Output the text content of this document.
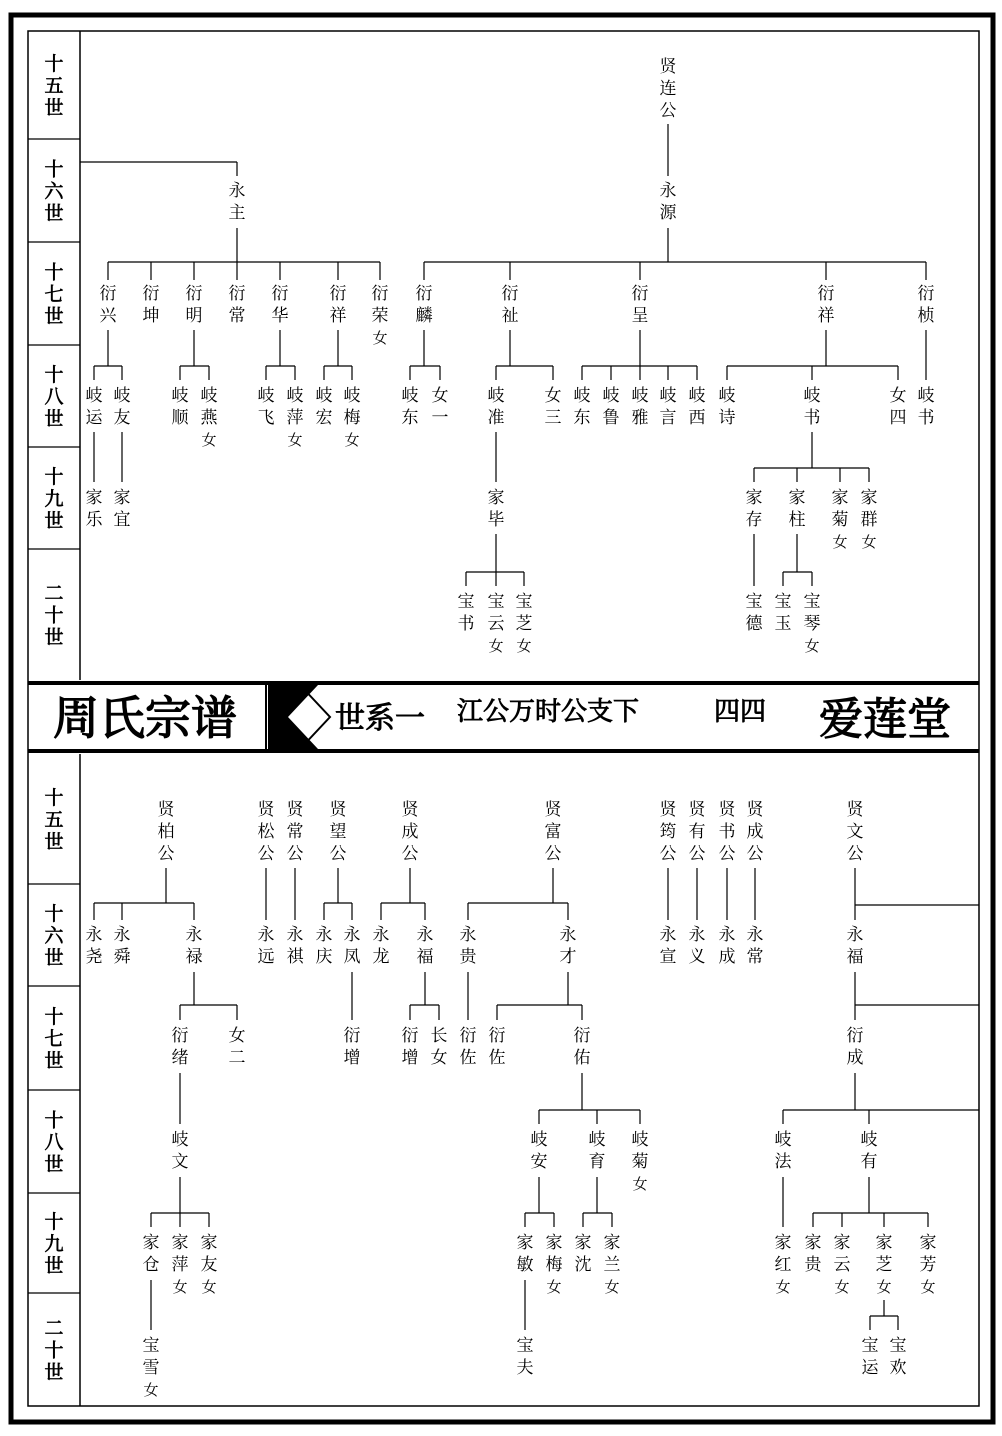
周氏宗谱	世系一 江公万时公支下	四四 爱莲堂
十五世
十五世
十六世
十六世
十七世
十七世
十八世
十八世
十九世
十九世
二十世
二十世
贤连公
永主
永源
衍兴
衍坤
衍明
衍常
衍华
衍祥
衍荣女
衍麟
衍祉
衍呈
衍祥
衍桢
岐运
岐友
岐顺
岐燕女
岐飞
岐萍女
岐宏
岐梅女
岐东
女一
岐准
女三
岐东
岐鲁
岐雅
岐言
岐西
岐诗
岐书
女四
岐书
家乐
家宜
家毕
家存
家柱
家菊女
家群女
宝书
宝云女
宝芝女
宝德
宝玉
宝琴女
贤柏公
贤松公
贤常公
贤望公
贤成公
贤富公
贤筠公
贤有公
贤书公
贤成公
贤文公
永尧
永舜
永禄
永远
永祺
永庆
永凤
永龙
永福
永贵
永才
永宣
永义
永成
永常
永福
衍绪
女二
衍增
衍增
长女
衍佐
衍佐
衍佑
衍成
岐文
岐安
岐育
岐菊女
岐法
岐有
家仓
家萍女
家友女
家敏
家梅女
家沈
家兰女
家红女
家贵
家云女
家芝女
家芳女
宝雪女
宝夫
宝运
宝欢
